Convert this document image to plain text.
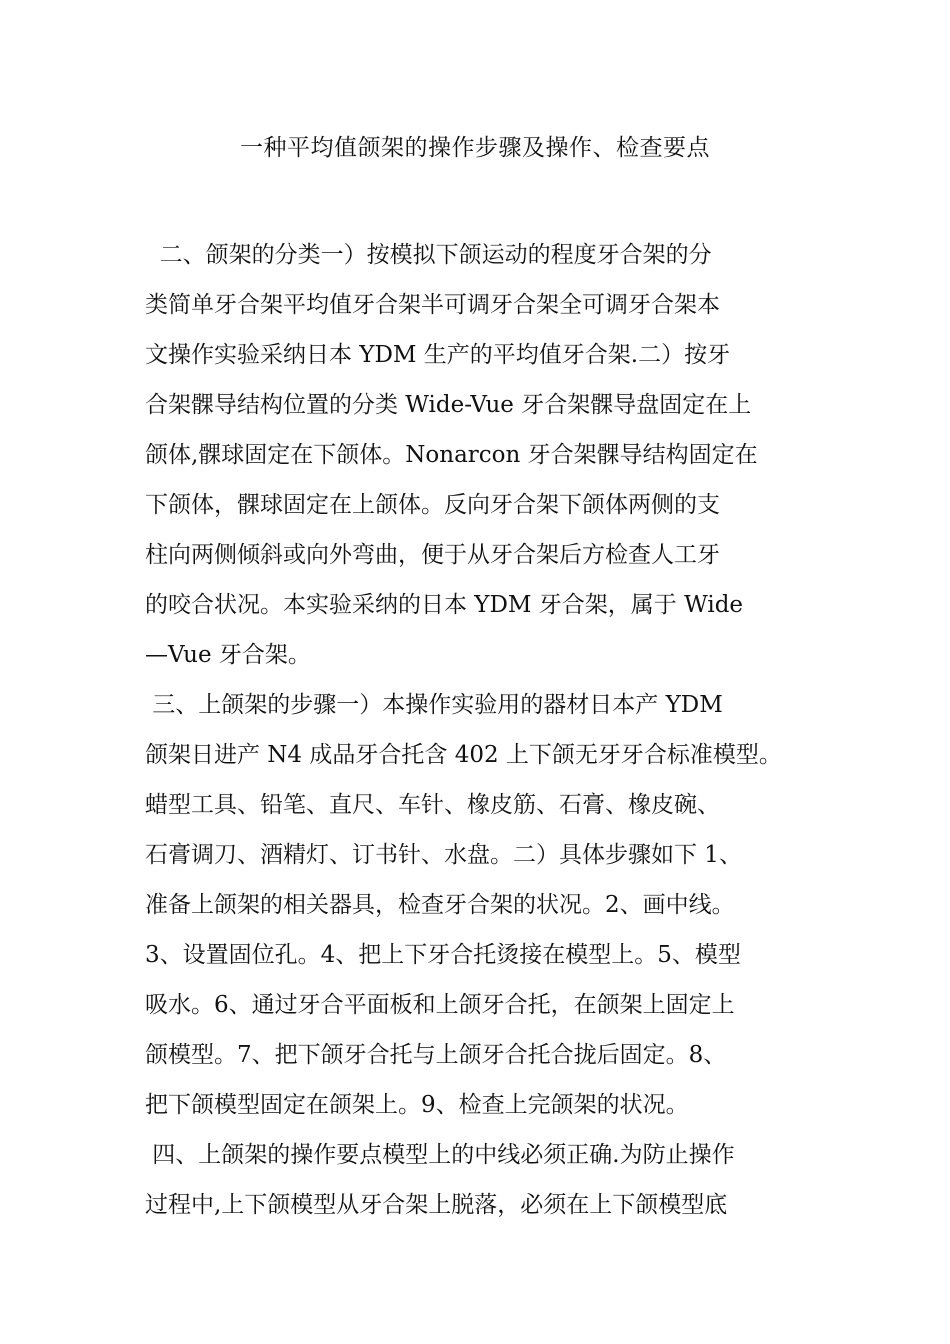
一种平均值颌架的操作步骤及操作、检查要点
二、颌架的分类一）按模拟下颌运动的程度牙合架的分
类简单牙合架平均值牙合架半可调牙合架全可调牙合架本
文操作实验采纳日本 YDM 生产的平均值牙合架.二）按牙
合架髁导结构位置的分类 Wide-Vue 牙合架髁导盘固定在上
颌体,髁球固定在下颌体。Nonarcon 牙合架髁导结构固定在
下颌体，髁球固定在上颌体。反向牙合架下颌体两侧的支
柱向两侧倾斜或向外弯曲，便于从牙合架后方检查人工牙
的咬合状况。本实验采纳的日本 YDM 牙合架，属于 Wide
—Vue 牙合架。
三、上颌架的步骤一）本操作实验用的器材日本产 YDM
颌架日进产 N4 成品牙合托含 402 上下颌无牙牙合标准模型。
蜡型工具、铅笔、直尺、车针、橡皮筋、石膏、橡皮碗、
石膏调刀、酒精灯、订书针、水盘。二）具体步骤如下 1、
准备上颌架的相关器具，检查牙合架的状况。2、画中线。
3、设置固位孔。4、把上下牙合托烫接在模型上。5、模型
吸水。6、通过牙合平面板和上颌牙合托，在颌架上固定上
颌模型。7、把下颌牙合托与上颌牙合托合拢后固定。8、
把下颌模型固定在颌架上。9、检查上完颌架的状况。
四、上颌架的操作要点模型上的中线必须正确.为防止操作
过程中,上下颌模型从牙合架上脱落，必须在上下颌模型底
